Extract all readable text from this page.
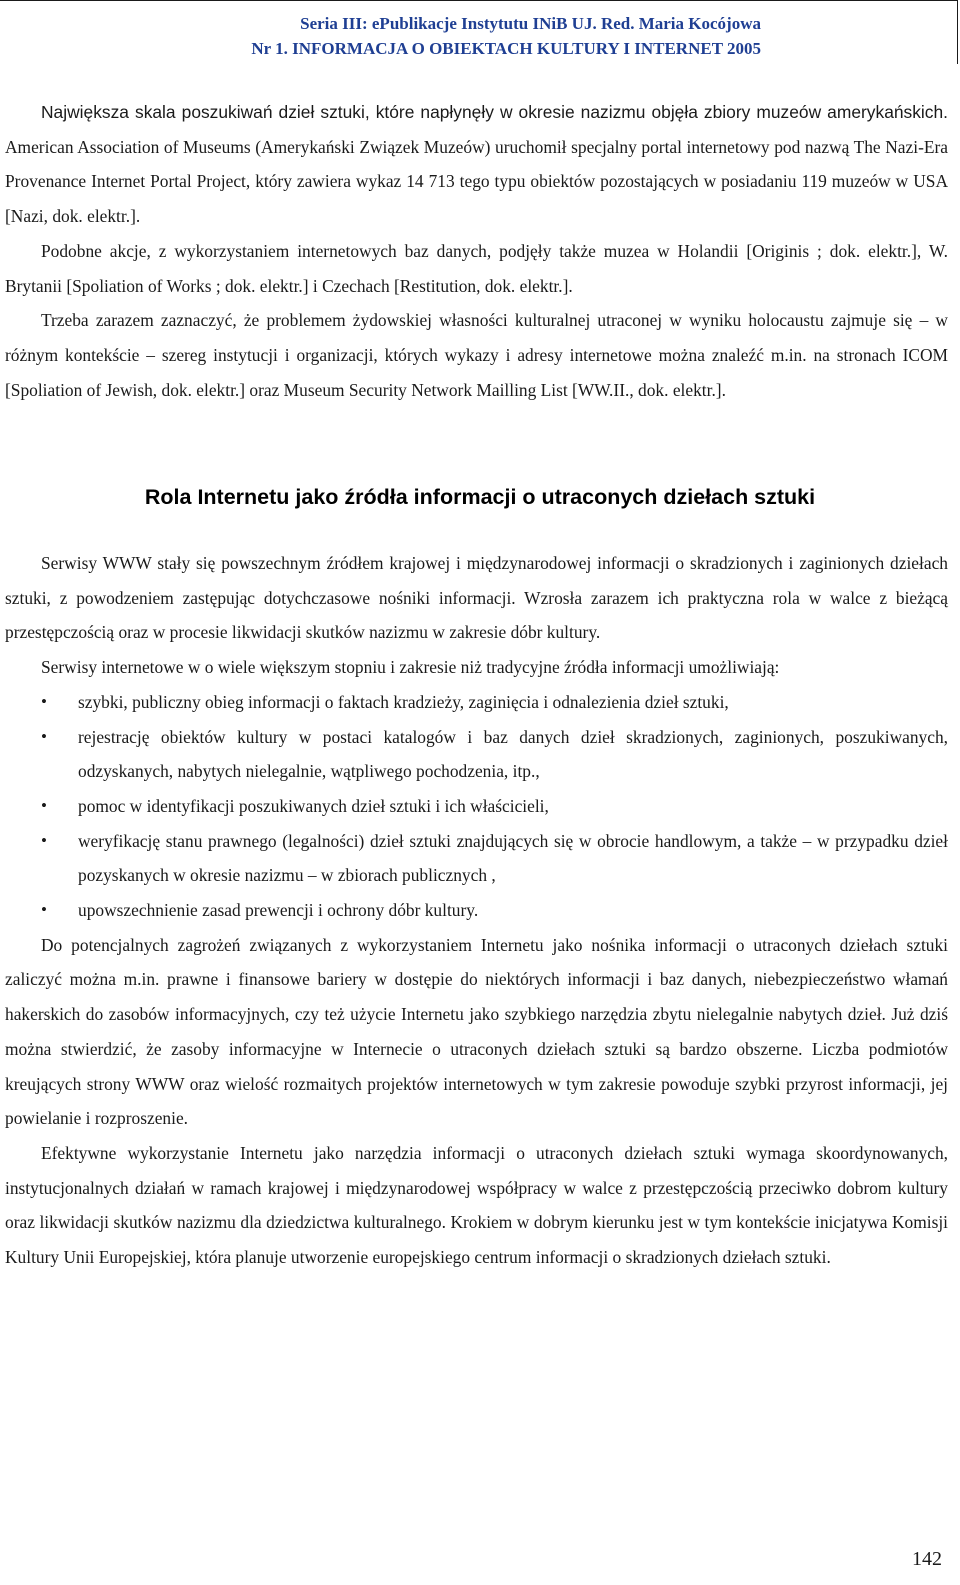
Seria III: ePublikacje Instytutu INiB UJ. Red. Maria Kocójowa
Nr 1. INFORMACJA O OBIEKTACH KULTURY I INTERNET 2005

Największa skala poszukiwań dzieł sztuki, które napłynęły w okresie nazizmu objęła zbiory muzeów amerykańskich. American Association of Museums (Amerykański Związek Muzeów) uruchomił specjalny portal internetowy pod nazwą The Nazi-Era Provenance Internet Portal Project, który zawiera wykaz 14 713 tego typu obiektów pozostających w posiadaniu 119 muzeów w USA [Nazi, dok. elektr.].

Podobne akcje, z wykorzystaniem internetowych baz danych, podjęły także muzea w Holandii [Originis ; dok. elektr.], W. Brytanii [Spoliation of Works ; dok. elektr.] i Czechach [Restitution, dok. elektr.].

Trzeba zarazem zaznaczyć, że problemem żydowskiej własności kulturalnej utraconej w wyniku holocaustu zajmuje się – w różnym kontekście – szereg instytucji i organizacji, których wykazy i adresy internetowe można znaleźć m.in. na stronach ICOM [Spoliation of Jewish, dok. elektr.] oraz Museum Security Network Mailling List [WW.II., dok. elektr.].

Rola Internetu jako źródła informacji o utraconych dziełach sztuki

Serwisy WWW stały się powszechnym źródłem krajowej i międzynarodowej informacji o skradzionych i zaginionych dziełach sztuki, z powodzeniem zastępując dotychczasowe nośniki informacji. Wzrosła zarazem ich praktyczna rola w walce z bieżącą przestępczością oraz w procesie likwidacji skutków nazizmu w zakresie dóbr kultury.

Serwisy internetowe w o wiele większym stopniu i zakresie niż tradycyjne źródła informacji umożliwiają:

• szybki, publiczny obieg informacji o faktach kradzieży, zaginięcia i odnalezienia dzieł sztuki,
• rejestrację obiektów kultury w postaci katalogów i baz danych dzieł skradzionych, zaginionych, poszukiwanych, odzyskanych, nabytych nielegalnie, wątpliwego pochodzenia, itp.,
• pomoc w identyfikacji poszukiwanych dzieł sztuki i ich właścicieli,
• weryfikację stanu prawnego (legalności) dzieł sztuki znajdujących się w obrocie handlowym, a także – w przypadku dzieł pozyskanych w okresie nazizmu – w zbiorach publicznych ,
• upowszechnienie zasad prewencji i ochrony dóbr kultury.

Do potencjalnych zagrożeń związanych z wykorzystaniem Internetu jako nośnika informacji o utraconych dziełach sztuki zaliczyć można m.in. prawne i finansowe bariery w dostępie do niektórych informacji i baz danych, niebezpieczeństwo włamań hakerskich do zasobów informacyjnych, czy też użycie Internetu jako szybkiego narzędzia zbytu nielegalnie nabytych dzieł. Już dziś można stwierdzić, że zasoby informacyjne w Internecie o utraconych dziełach sztuki są bardzo obszerne. Liczba podmiotów kreujących strony WWW oraz wielość rozmaitych projektów internetowych w tym zakresie powoduje szybki przyrost informacji, jej powielanie i rozproszenie.

Efektywne wykorzystanie Internetu jako narzędzia informacji o utraconych dziełach sztuki wymaga skoordynowanych, instytucjonalnych działań w ramach krajowej i międzynarodowej współpracy w walce z przestępczością przeciwko dobrom kultury oraz likwidacji skutków nazizmu dla dziedzictwa kulturalnego. Krokiem w dobrym kierunku jest w tym kontekście inicjatywa Komisji Kultury Unii Europejskiej, która planuje utworzenie europejskiego centrum informacji o skradzionych dziełach sztuki.

142
